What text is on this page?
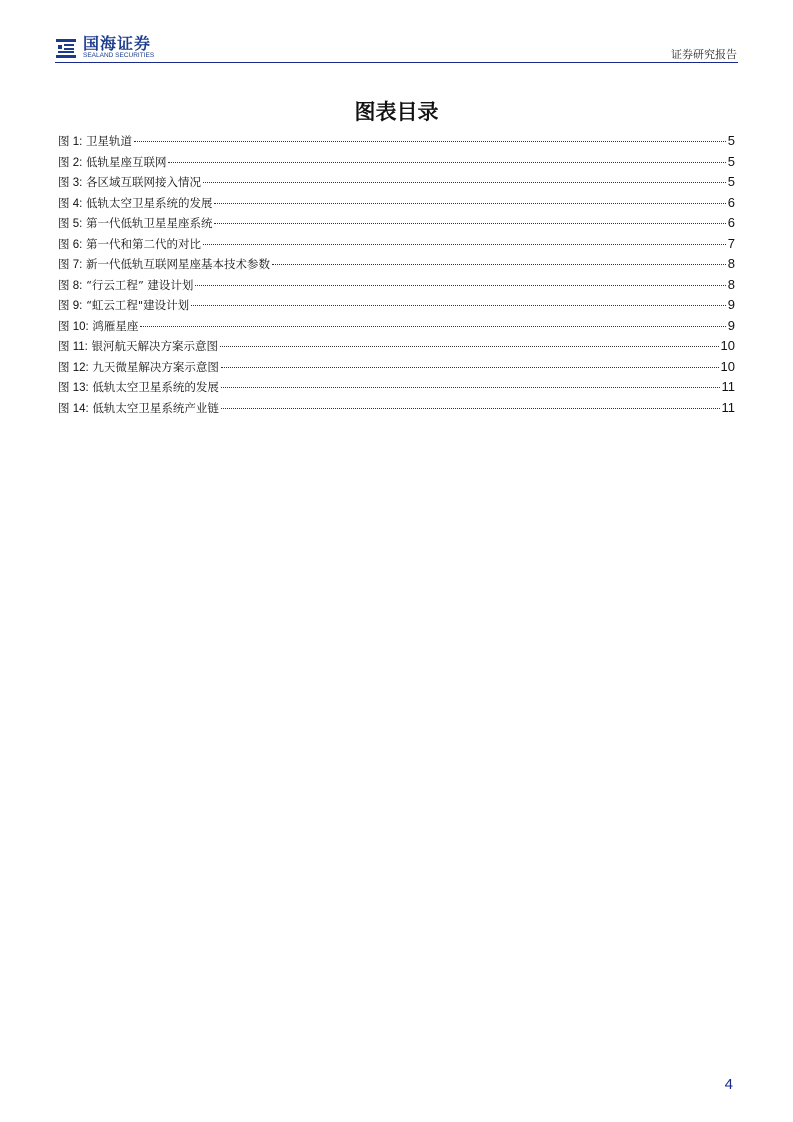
国海证券
SEALAND SECURITIES	证券研究报告
图表目录
图 1: 卫星轨道	5
图 2: 低轨星座互联网	5
图 3: 各区域互联网接入情况	5
图 4: 低轨太空卫星系统的发展	6
图 5: 第一代低轨卫星星座系统	6
图 6: 第一代和第二代的对比	7
图 7: 新一代低轨互联网星座基本技术参数	8
图 8: “行云工程” 建设计划	8
图 9: “虹云工程"建设计划	9
图 10: 鸿雁星座	9
图 11: 银河航天解决方案示意图	10
图 12: 九天微星解决方案示意图	10
图 13: 低轨太空卫星系统的发展	11
图 14: 低轨太空卫星系统产业链	11
4
